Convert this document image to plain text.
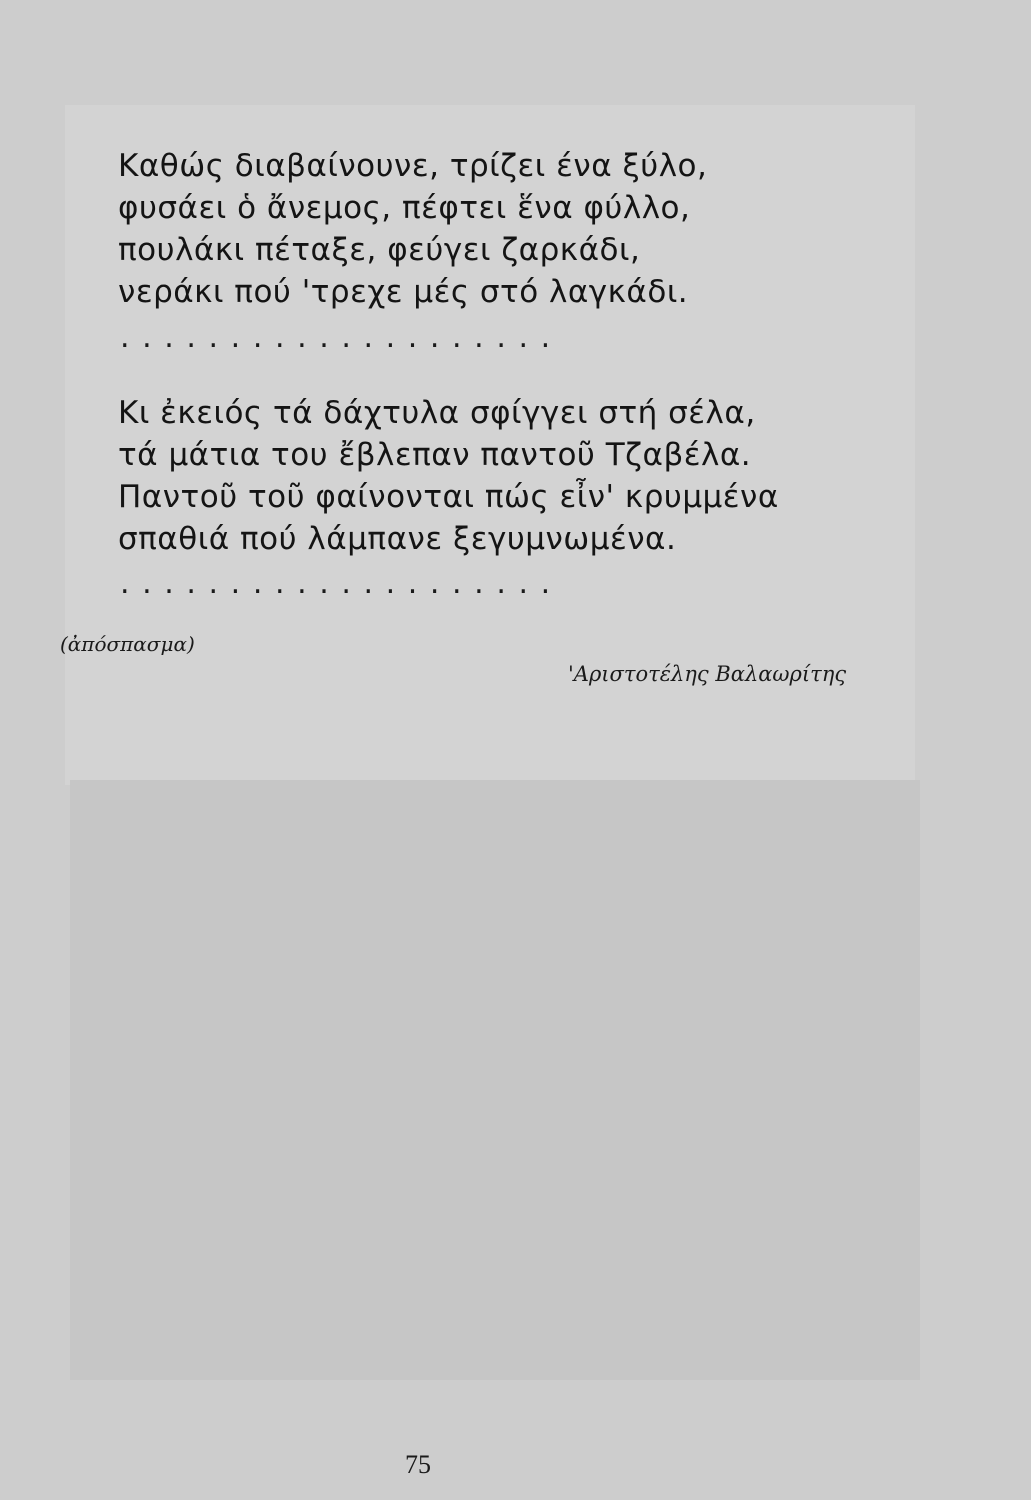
Καθώς διαβαίνουνε, τρίζει ένα ξύλο,
φυσάει ὁ ἄνεμος, πέφτει ἕνα φύλλο,
πουλάκι πέταξε, φεύγει ζαρκάδι,
νεράκι πού 'τρεχε μές στό λαγκάδι.
....................
Κι ἐκειός τά δάχτυλα σφίγγει στή σέλα,
τά μάτια του ἔβλεπαν παντοῦ Τζαβέλα.
Παντοῦ τοῦ φαίνονται πώς εἶν' κρυμμένα
σπαθιά πού λάμπανε ξεγυμνωμένα.
....................
(ἀπόσπασμα)
'Αριστοτέλης Βαλαωρίτης
75
